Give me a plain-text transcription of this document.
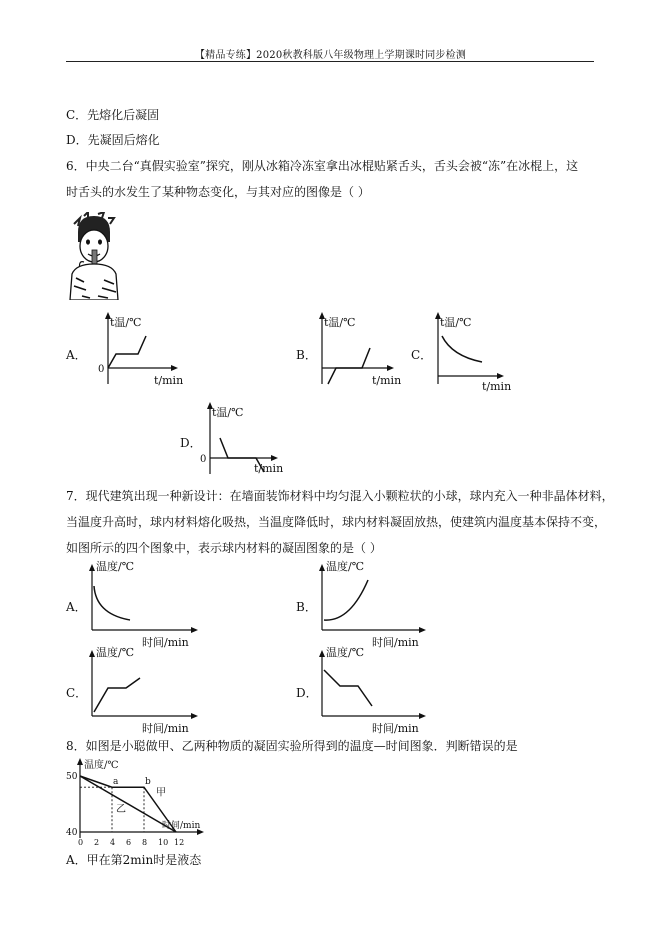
【精品专练】2020秋教科版八年级物理上学期课时同步检测
C．先熔化后凝固
D．先凝固后熔化
6．中央二台“真假实验室”探究，刚从冰箱冷冻室拿出冰棍贴紧舌头，舌头会被“冻”在冰棍上，这
时舌头的水发生了某种物态变化，与其对应的图像是（ ）
A．
t温/℃
t/min
0
B．
t温/℃
t/min
C．
t温/℃
t/min
D．
t温/℃
t/min
0
7．现代建筑出现一种新设计：在墙面装饰材料中均匀混入小颗粒状的小球，球内充入一种非晶体材料，
当温度升高时，球内材料熔化吸热，当温度降低时，球内材料凝固放热，使建筑内温度基本保持不变，
如图所示的四个图象中，表示球内材料的凝固图象的是（ ）
A．
温度/℃
时间/min
B．
温度/℃
时间/min
C．
温度/℃
时间/min
D．
温度/℃
时间/min
8．如图是小聪做甲、乙两种物质的凝固实验所得到的温度—时间图象．判断错误的是
温度/℃
时间/min
50
40
0 2 4 6 8 10 12
a	b
甲
乙
A．甲在第2min时是液态
